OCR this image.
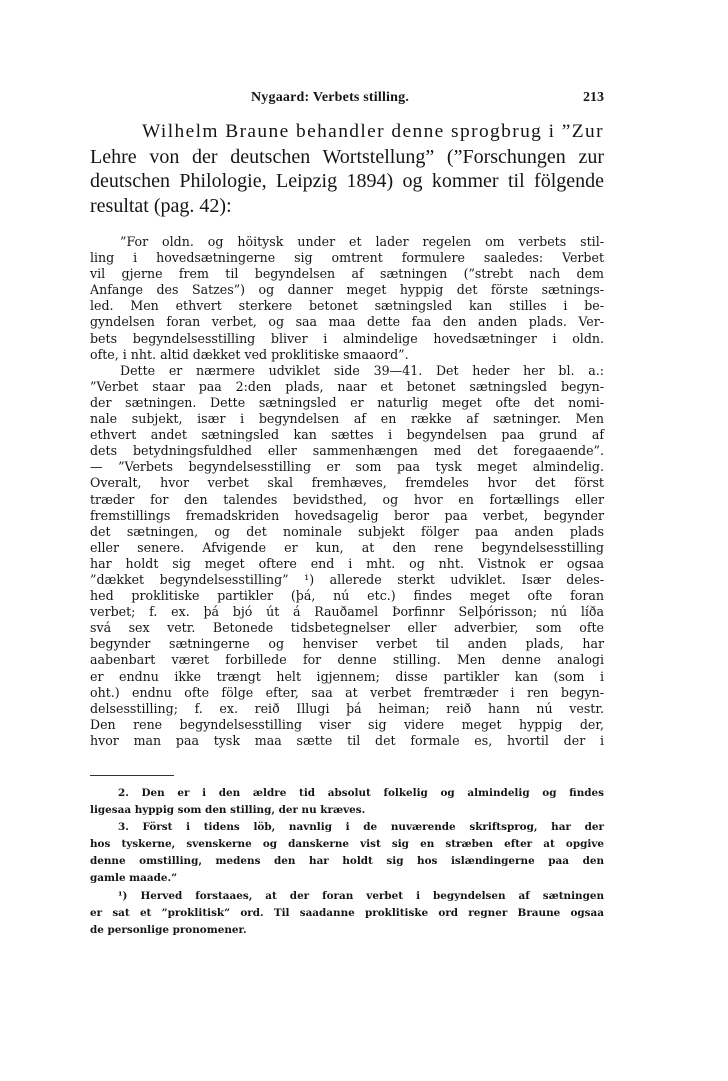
Nygaard: Verbets stilling.	213
Wilhelm Braune behandler denne sprogbrug i ”Zur
Lehre von der deutschen Wortstellung” (”Forschungen zur
deutschen Philologie, Leipzig 1894) og kommer til fölgende
resultat (pag. 42):
”For oldn. og höitysk under et lader regelen om verbets stil-
ling i hovedsætningerne sig omtrent formulere saaledes: Verbet
vil gjerne frem til begyndelsen af sætningen (”strebt nach dem
Anfange des Satzes”) og danner meget hyppig det förste sætnings-
led. Men ethvert sterkere betonet sætningsled kan stilles i be-
gyndelsen foran verbet, og saa maa dette faa den anden plads. Ver-
bets begyndelsesstilling bliver i almindelige hovedsætninger i oldn.
ofte, i nht. altid dækket ved proklitiske smaaord”.
Dette er nærmere udviklet side 39—41. Det heder her bl. a.:
”Verbet staar paa 2:den plads, naar et betonet sætningsled begyn-
der sætningen. Dette sætningsled er naturlig meget ofte det nomi-
nale subjekt, især i begyndelsen af en række af sætninger. Men
ethvert andet sætningsled kan sættes i begyndelsen paa grund af
dets betydningsfuldhed eller sammenhængen med det foregaaende”.
— ”Verbets begyndelsesstilling er som paa tysk meget almindelig.
Overalt, hvor verbet skal fremhæves, fremdeles hvor det först
træder for den talendes bevidsthed, og hvor en fortællings eller
fremstillings fremadskriden hovedsagelig beror paa verbet, begynder
det sætningen, og det nominale subjekt fölger paa anden plads
eller senere. Afvigende er kun, at den rene begyndelsesstilling
har holdt sig meget oftere end i mht. og nht. Vistnok er ogsaa
”dækket begyndelsesstilling” ¹) allerede sterkt udviklet. Især deles-
hed proklitiske partikler (þá, nú etc.) findes meget ofte foran
verbet; f. ex. þá bjó út á Rauðamel Þorfinnr Selþórisson; nú líða
svá sex vetr. Betonede tidsbetegnelser eller adverbier, som ofte
begynder sætningerne og henviser verbet til anden plads, har
aabenbart været forbillede for denne stilling. Men denne analogi
er endnu ikke trængt helt igjennem; disse partikler kan (som i
oht.) endnu ofte fölge efter, saa at verbet fremtræder i ren begyn-
delsesstilling; f. ex. reið Illugi þá heiman; reið hann nú vestr.
Den rene begyndelsesstilling viser sig videre meget hyppig der,
hvor man paa tysk maa sætte til det formale es, hvortil der i
2. Den er i den ældre tid absolut folkelig og almindelig og findes
ligesaa hyppig som den stilling, der nu kræves.
3. Först i tidens löb, navnlig i de nuværende skriftsprog, har der
hos tyskerne, svenskerne og danskerne vist sig en stræben efter at opgive
denne omstilling, medens den har holdt sig hos islændingerne paa den
gamle maade.”
¹) Herved forstaaes, at der foran verbet i begyndelsen af sætningen
er sat et ”proklitisk” ord. Til saadanne proklitiske ord regner Braune ogsaa
de personlige pronomener.
